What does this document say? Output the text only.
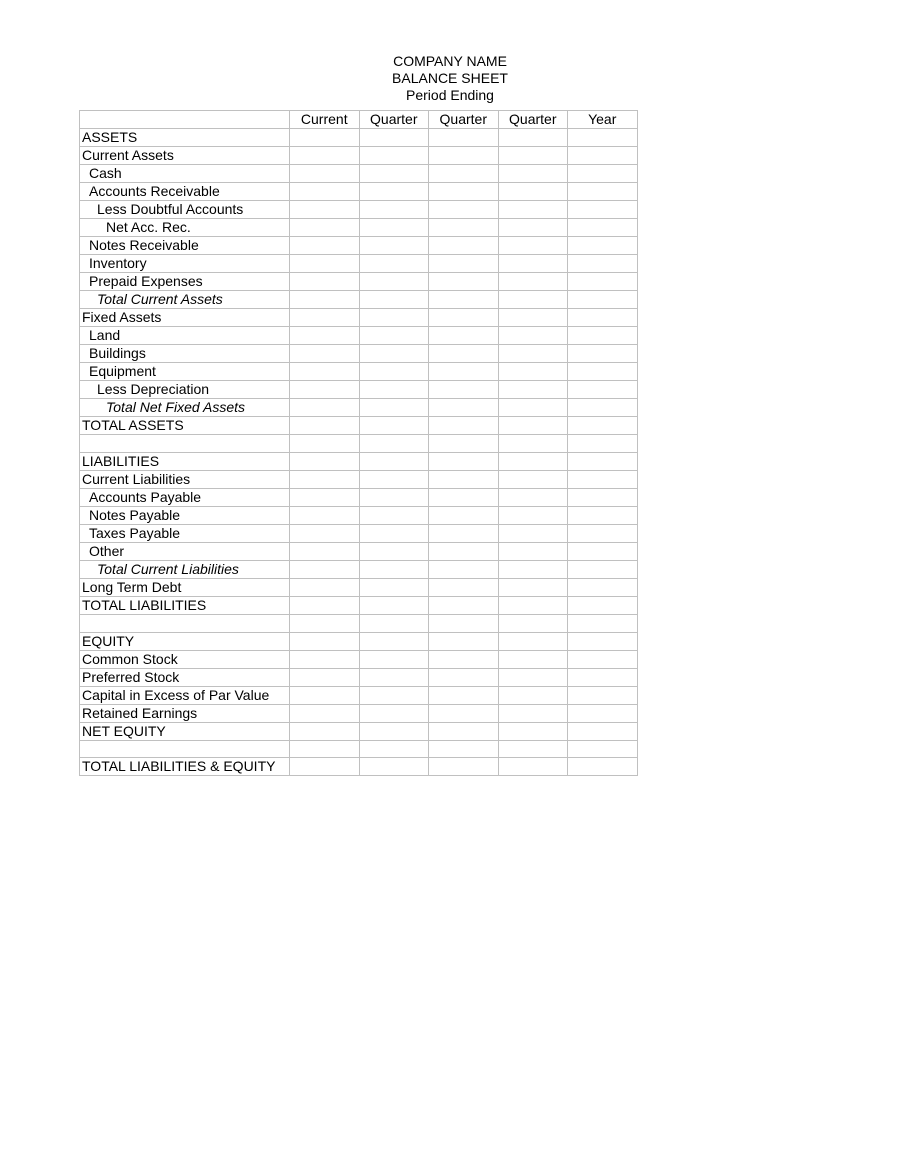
COMPANY NAME
BALANCE SHEET
Period Ending
	Current	Quarter	Quarter	Quarter	Year
ASSETS					
Current Assets					
Cash					
Accounts Receivable					
Less Doubtful Accounts					
Net Acc. Rec.					
Notes Receivable					
Inventory					
Prepaid Expenses					
Total Current Assets					
Fixed Assets					
Land					
Buildings					
Equipment					
Less Depreciation					
Total Net Fixed Assets					
TOTAL ASSETS					

LIABILITIES					
Current Liabilities					
Accounts Payable					
Notes Payable					
Taxes Payable					
Other					
Total Current Liabilities					
Long Term Debt					
TOTAL LIABILITIES					

EQUITY					
Common Stock					
Preferred Stock					
Capital in Excess of Par Value					
Retained Earnings					
NET EQUITY					

TOTAL LIABILITIES & EQUITY					
